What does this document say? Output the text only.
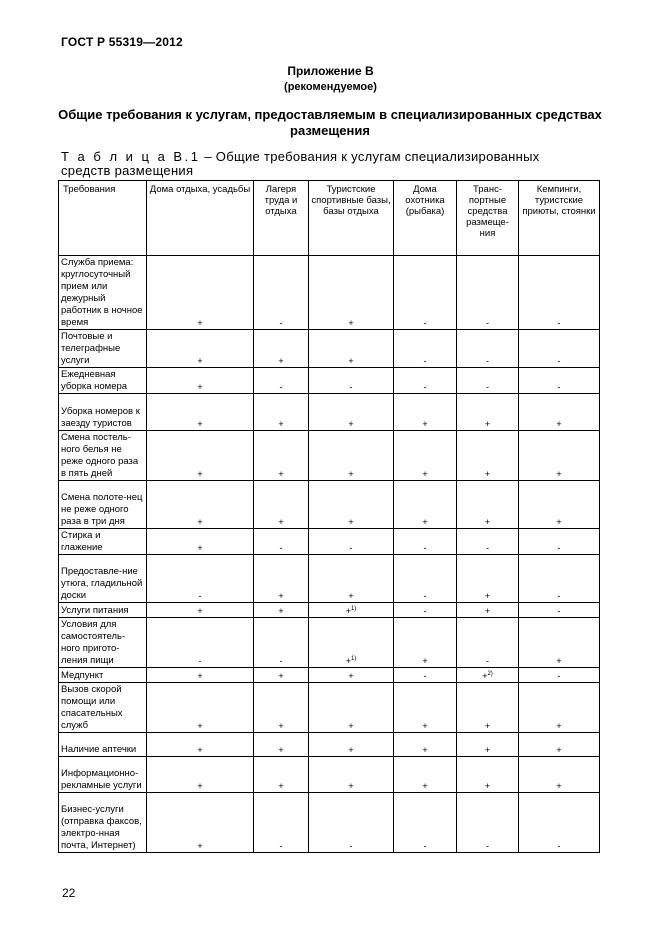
ГОСТ Р 55319—2012
Приложение В
(рекомендуемое)
Общие требования к услугам, предоставляемым в специализированных средствах размещения
Т а б л и ц а В.1 – Общие требования к услугам специализированных средств размещения
Требования	Дома отдыха, усадьбы	Лагеря труда и отдыха	Туристские спортивные базы, базы отдыха	Дома охотника (рыбака)	Транс-портные средства размеще-ния	Кемпинги, туристские приюты, стоянки
Служба приема: круглосуточный прием или дежурный работник в ночное время	+	-	+	-	-	-
Почтовые и телеграфные услуги	+	+	+	-	-	-
Ежедневная уборка номера	+	-	-	-	-	-
Уборка номеров к заезду туристов	+	+	+	+	+	+
Смена постель-ного белья не реже одного раза в пять дней	+	+	+	+	+	+
Смена полоте-нец не реже одного раза в три дня	+	+	+	+	+	+
Стирка и глажение	+	-	-	-	-	-
Предоставле-ние утюга, гладильной доски	-	+	+	-	+	-
Услуги питания	+	+	+$^{1)}$	-	+	-
Условия для самостоятель-ного пригото-ления пищи	-	-	+$^{1)}$	+	-	+
Медпункт	+	+	+	-	+$^{2)}$	-
Вызов скорой помощи или спасательных служб	+	+	+	+	+	+
Наличие аптечки	+	+	+	+	+	+
Информационно-рекламные услуги	+	+	+	+	+	+
Бизнес-услуги (отправка факсов, электро-нная почта, Интернет)	+	-	-	-	-	-
22
